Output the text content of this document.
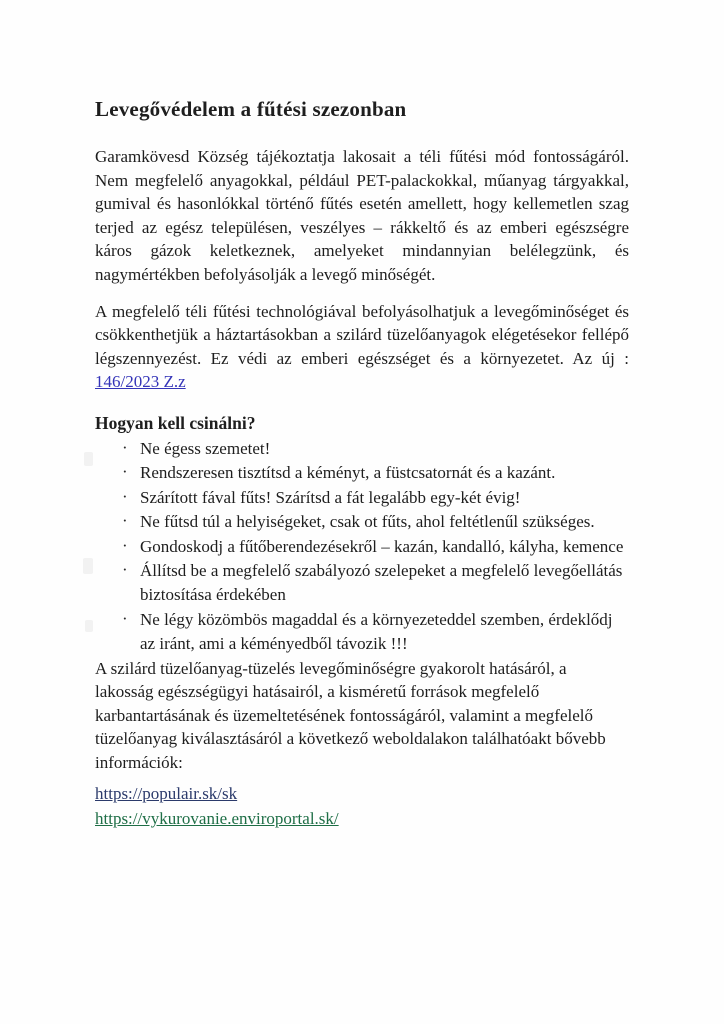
Levegővédelem a fűtési szezonban

Garamkövesd Község tájékoztatja lakosait a téli fűtési mód fontosságáról. Nem megfelelő anyagokkal, például PET-palackokkal, műanyag tárgyakkal, gumival és hasonlókkal történő fűtés esetén amellett, hogy kellemetlen szag terjed az egész településen, veszélyes – rákkeltő és az emberi egészségre káros gázok keletkeznek, amelyeket mindannyian belélegzünk, és nagymértékben befolyásolják a levegő minőségét.

A megfelelő téli fűtési technológiával befolyásolhatjuk a levegőminőséget és csökkenthetjük a háztartásokban a szilárd tüzelőanyagok elégetésekor fellépő légszennyezést. Ez védi az emberi egészséget és a környezetet. Az új : 146/2023 Z.z

Hogyan kell csinálni?
· Ne égess szemetet!
· Rendszeresen tisztítsd a kéményt, a füstcsatornát és a kazánt.
· Szárított fával fűts! Szárítsd a fát legalább egy-két évig!
· Ne fűtsd túl a helyiségeket, csak ot fűts, ahol feltétlenűl szükséges.
· Gondoskodj a fűtőberendezésekről – kazán, kandalló, kályha, kemence
· Állítsd be a megfelelő szabályozó szelepeket a megfelelő levegőellátás biztosítása érdekében
· Ne légy közömbös magaddal és a környezeteddel szemben, érdeklődj az iránt, ami a kéményedből távozik !!!

A szilárd tüzelőanyag-tüzelés levegőminőségre gyakorolt hatásáról, a lakosság egészségügyi hatásairól, a kisméretű források megfelelő karbantartásának és üzemeltetésének fontosságáról, valamint a megfelelő tüzelőanyag kiválasztásáról a következő weboldalakon találhatóakt bővebb információk:

https://populair.sk/sk
https://vykurovanie.enviroportal.sk/
